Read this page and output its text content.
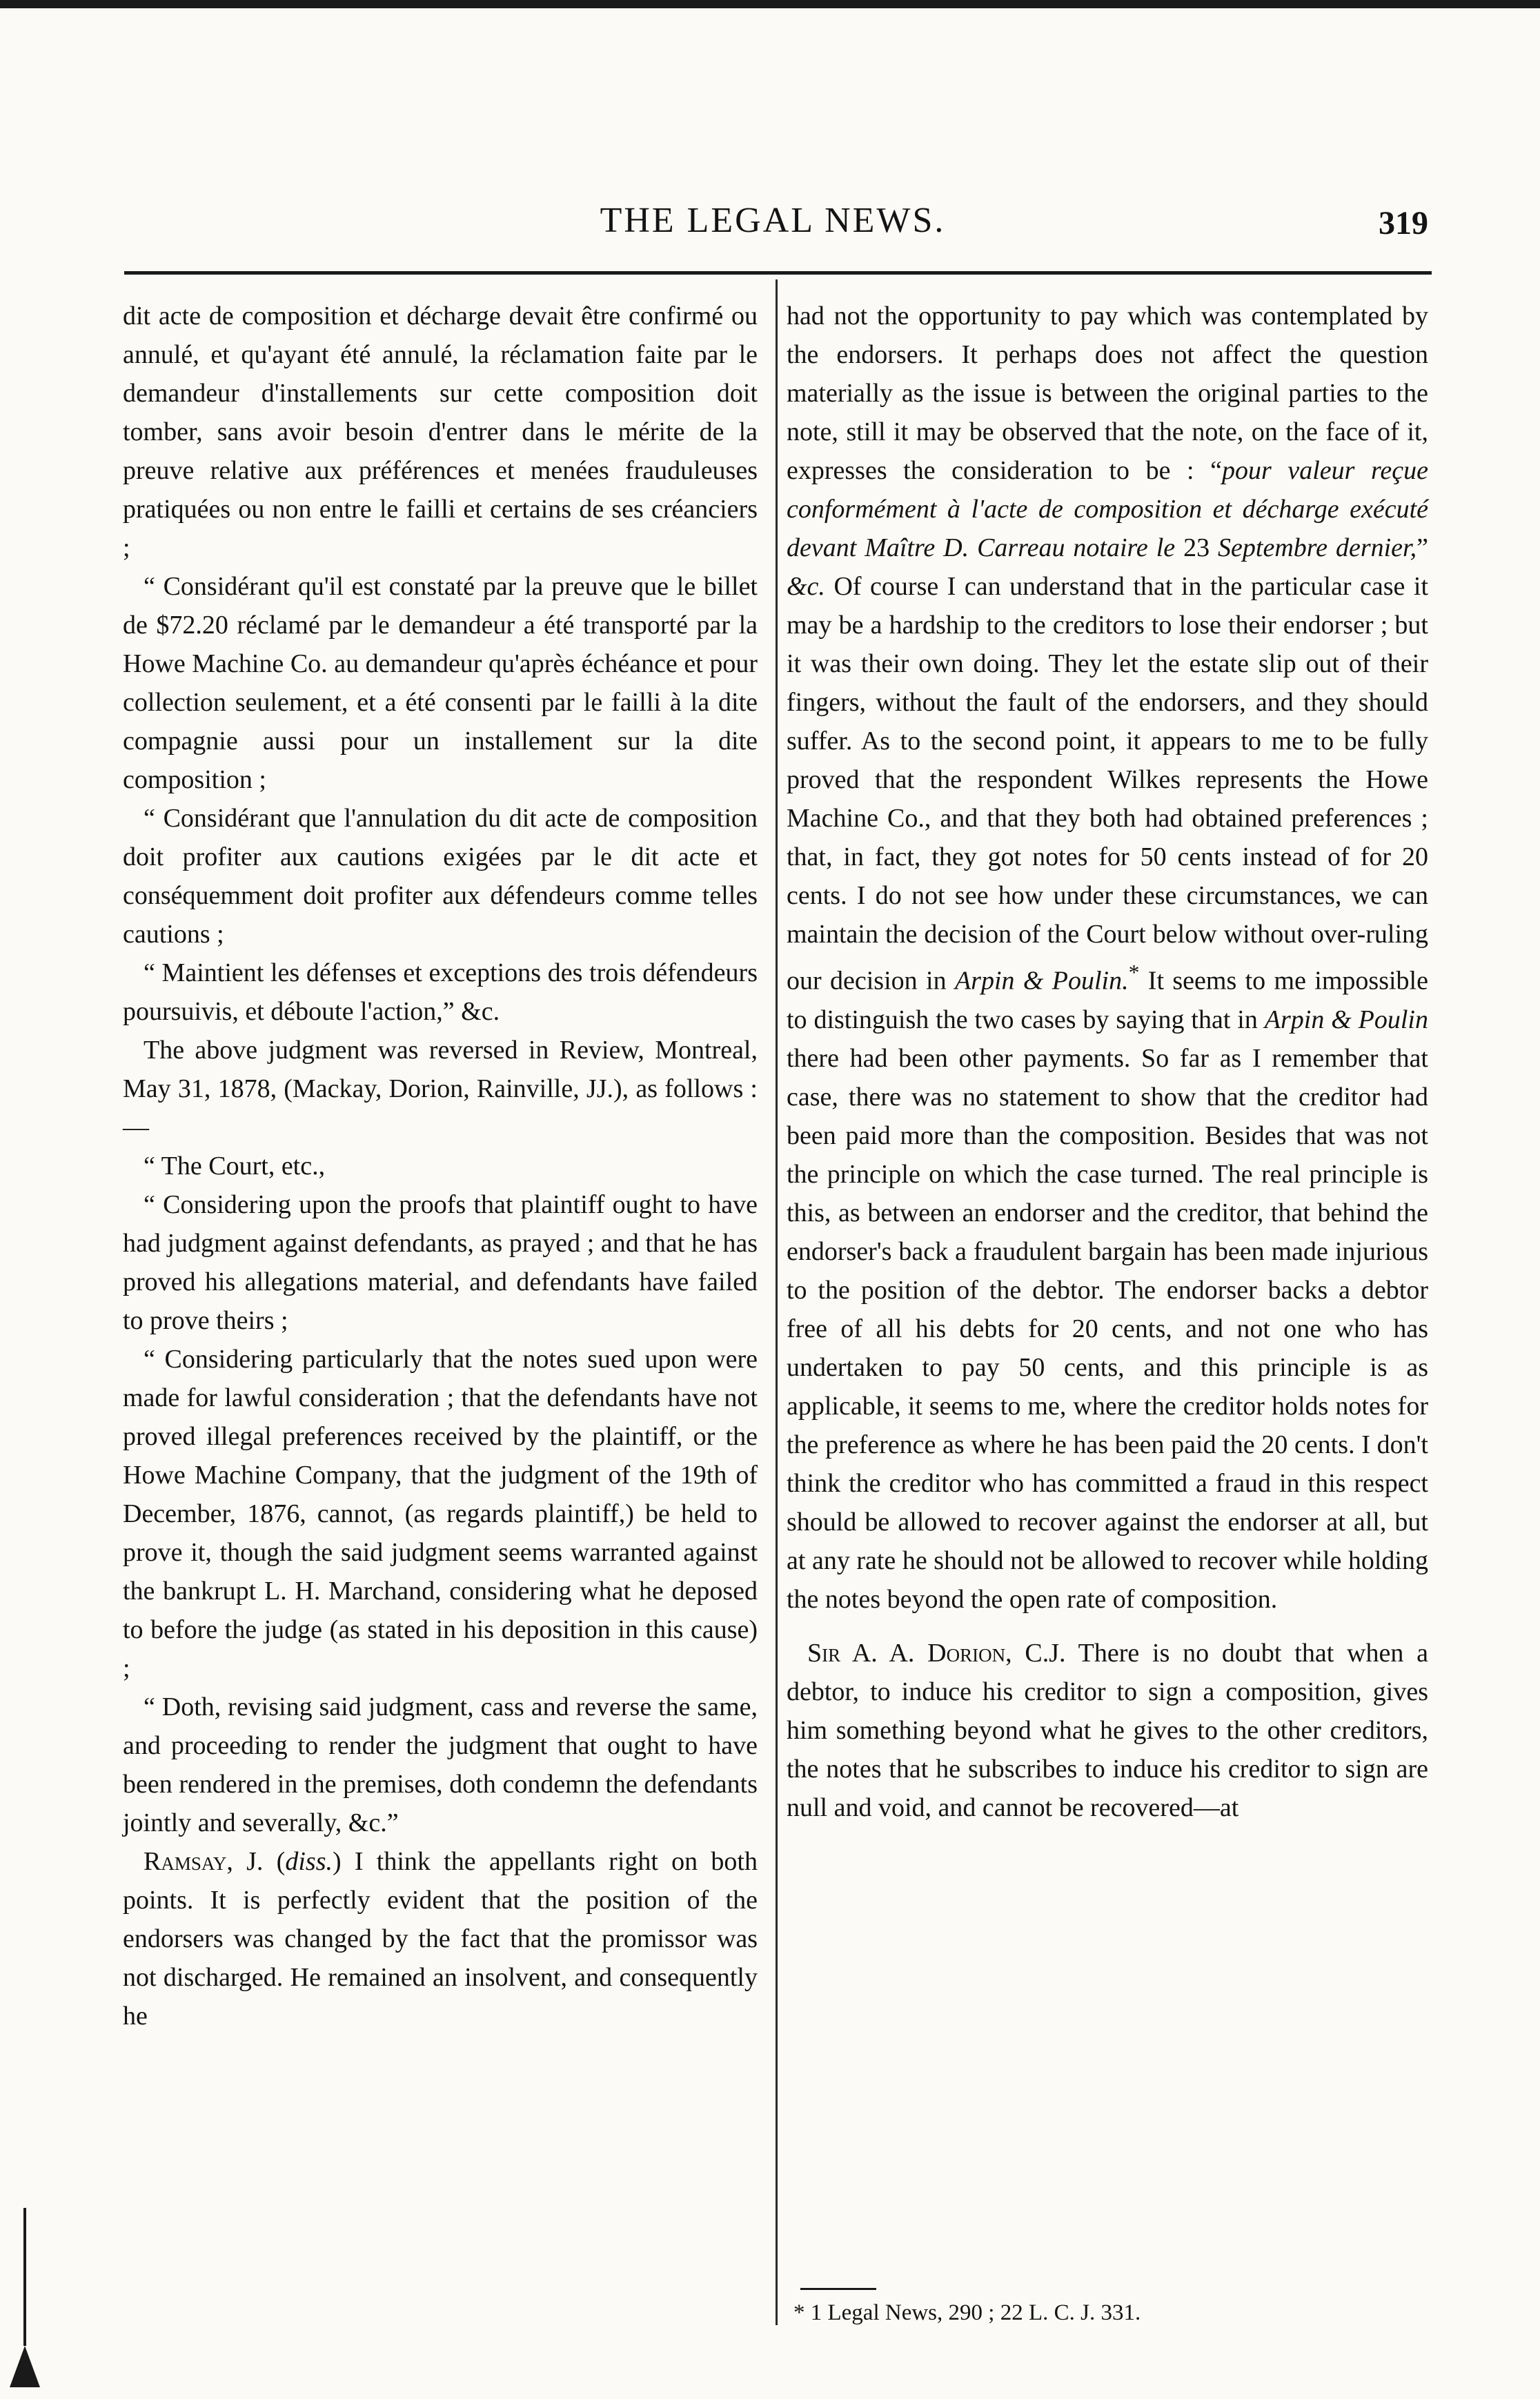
THE LEGAL NEWS.	319

dit acte de composition et décharge devait être confirmé ou annulé, et qu'ayant été annulé, la réclamation faite par le demandeur d'installements sur cette composition doit tomber, sans avoir besoin d'entrer dans le mérite de la preuve relative aux préférences et menées frauduleuses pratiquées ou non entre le failli et certains de ses créanciers ;

“ Considérant qu'il est constaté par la preuve que le billet de $72.20 réclamé par le demandeur a été transporté par la Howe Machine Co. au demandeur qu'après échéance et pour collection seulement, et a été consenti par le failli à la dite compagnie aussi pour un installement sur la dite composition ;

“ Considérant que l'annulation du dit acte de composition doit profiter aux cautions exigées par le dit acte et conséquemment doit profiter aux défendeurs comme telles cautions ;

“ Maintient les défenses et exceptions des trois défendeurs poursuivis, et déboute l'action,” &c.

The above judgment was reversed in Review, Montreal, May 31, 1878, (Mackay, Dorion, Rainville, JJ.), as follows :—

“ The Court, etc.,

“ Considering upon the proofs that plaintiff ought to have had judgment against defendants, as prayed ; and that he has proved his allegations material, and defendants have failed to prove theirs ;

“ Considering particularly that the notes sued upon were made for lawful consideration ; that the defendants have not proved illegal preferences received by the plaintiff, or the Howe Machine Company, that the judgment of the 19th of December, 1876, cannot, (as regards plaintiff,) be held to prove it, though the said judgment seems warranted against the bankrupt L. H. Marchand, considering what he deposed to before the judge (as stated in his deposition in this cause) ;

“ Doth, revising said judgment, cass and reverse the same, and proceeding to render the judgment that ought to have been rendered in the premises, doth condemn the defendants jointly and severally, &c.”

Ramsay, J. (diss.) I think the appellants right on both points. It is perfectly evident that the position of the endorsers was changed by the fact that the promissor was not discharged. He remained an insolvent, and consequently he

had not the opportunity to pay which was contemplated by the endorsers. It perhaps does not affect the question materially as the issue is between the original parties to the note, still it may be observed that the note, on the face of it, expresses the consideration to be : “pour valeur reçue conformément à l'acte de composition et décharge exécuté devant Maître D. Carreau notaire le 23 Septembre dernier,” &c. Of course I can understand that in the particular case it may be a hardship to the creditors to lose their endorser ; but it was their own doing. They let the estate slip out of their fingers, without the fault of the endorsers, and they should suffer. As to the second point, it appears to me to be fully proved that the respondent Wilkes represents the Howe Machine Co., and that they both had obtained preferences ; that, in fact, they got notes for 50 cents instead of for 20 cents. I do not see how under these circumstances, we can maintain the decision of the Court below without over-ruling our decision in Arpin & Poulin.* It seems to me impossible to distinguish the two cases by saying that in Arpin & Poulin there had been other payments. So far as I remember that case, there was no statement to show that the creditor had been paid more than the composition. Besides that was not the principle on which the case turned. The real principle is this, as between an endorser and the creditor, that behind the endorser's back a fraudulent bargain has been made injurious to the position of the debtor. The endorser backs a debtor free of all his debts for 20 cents, and not one who has undertaken to pay 50 cents, and this principle is as applicable, it seems to me, where the creditor holds notes for the preference as where he has been paid the 20 cents. I don't think the creditor who has committed a fraud in this respect should be allowed to recover against the endorser at all, but at any rate he should not be allowed to recover while holding the notes beyond the open rate of composition.

Sir A. A. Dorion, C.J. There is no doubt that when a debtor, to induce his creditor to sign a composition, gives him something beyond what he gives to the other creditors, the notes that he subscribes to induce his creditor to sign are null and void, and cannot be recovered—at

* 1 Legal News, 290 ; 22 L. C. J. 331.
